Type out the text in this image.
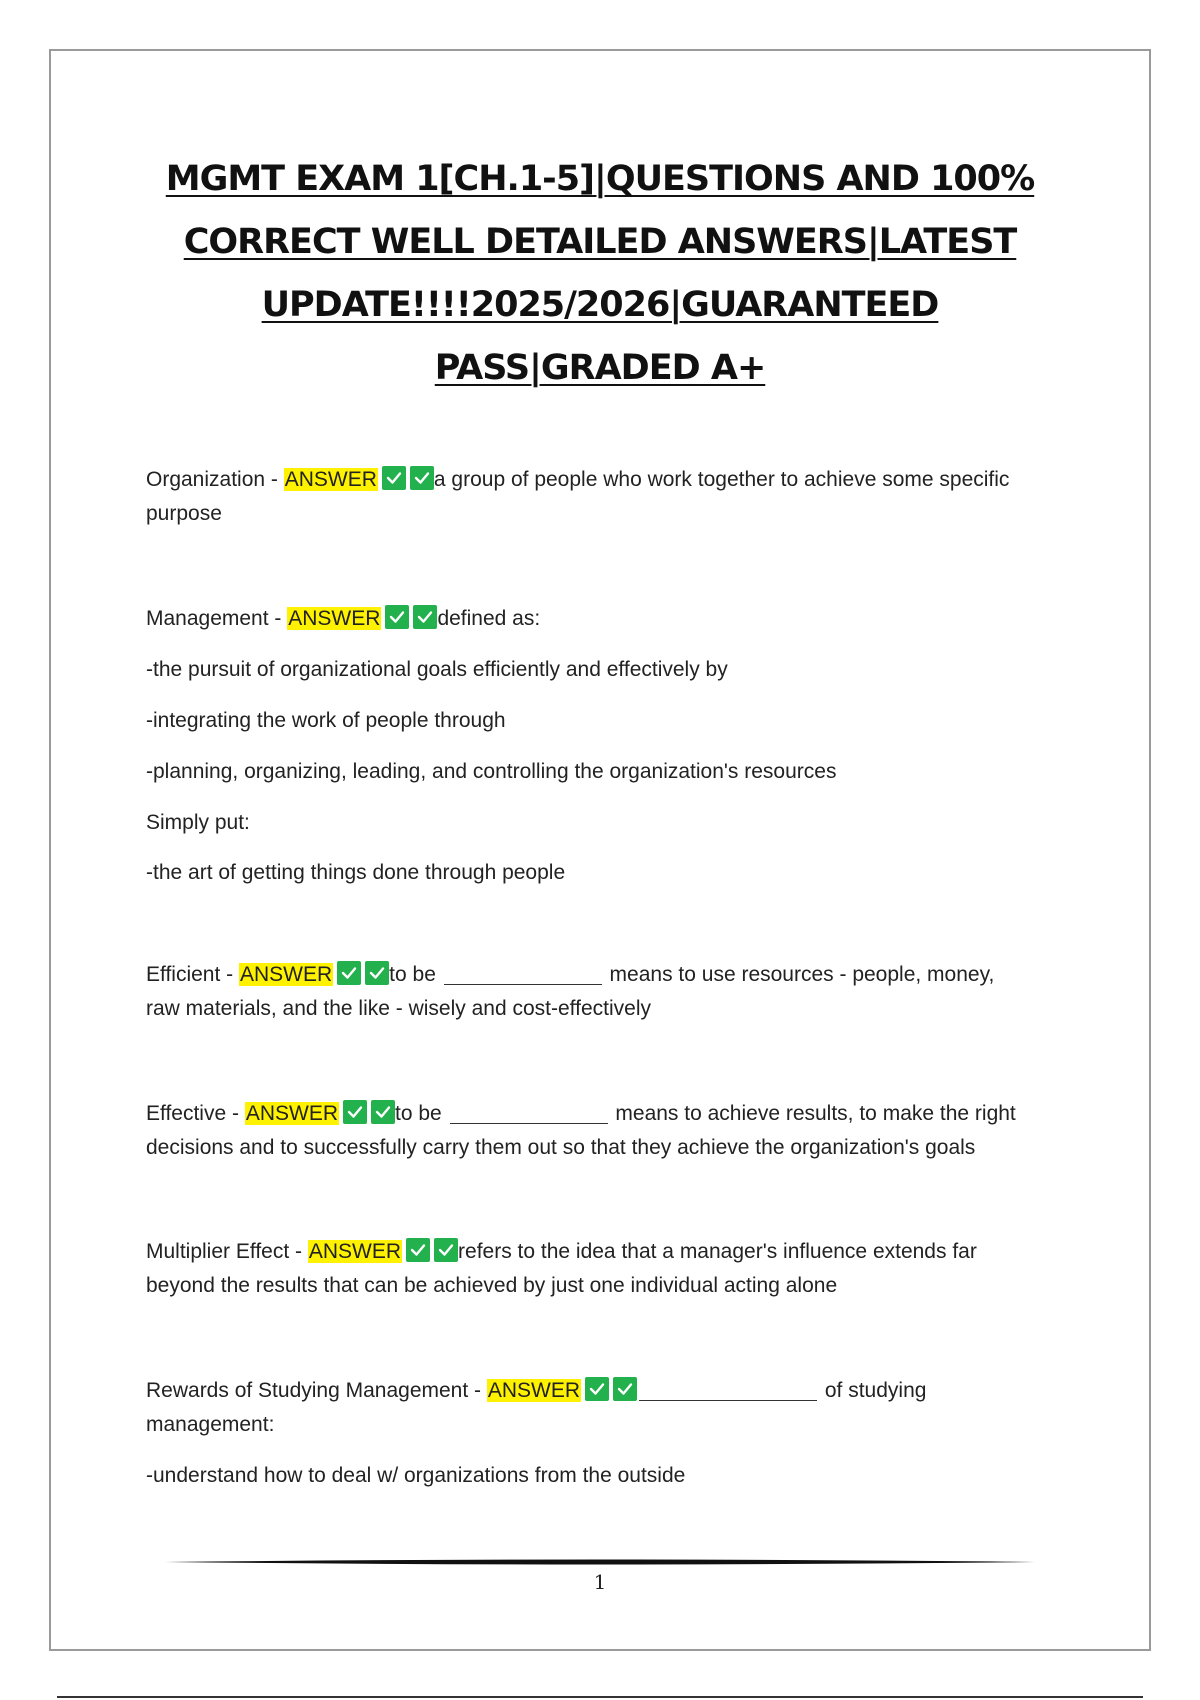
MGMT EXAM 1[CH.1-5]|QUESTIONS AND 100%
CORRECT WELL DETAILED ANSWERS|LATEST
UPDATE!!!!2025/2026|GUARANTEED
PASS|GRADED A+
Organization - ANSWER	a group of people who work together to achieve some specific
purpose
Management - ANSWER	defined as:
-the pursuit of organizational goals efficiently and effectively by
-integrating the work of people through
-planning, organizing, leading, and controlling the organization's resources
Simply put:
-the art of getting things done through people
Efficient - ANSWER	to be	means to use resources - people, money,
raw materials, and the like - wisely and cost-effectively
Effective - ANSWER	to be	means to achieve results, to make the right
decisions and to successfully carry them out so that they achieve the organization's goals
Multiplier Effect - ANSWER	refers to the idea that a manager's influence extends far
beyond the results that can be achieved by just one individual acting alone
Rewards of Studying Management - ANSWER	of studying
management:
-understand how to deal w/ organizations from the outside
1
